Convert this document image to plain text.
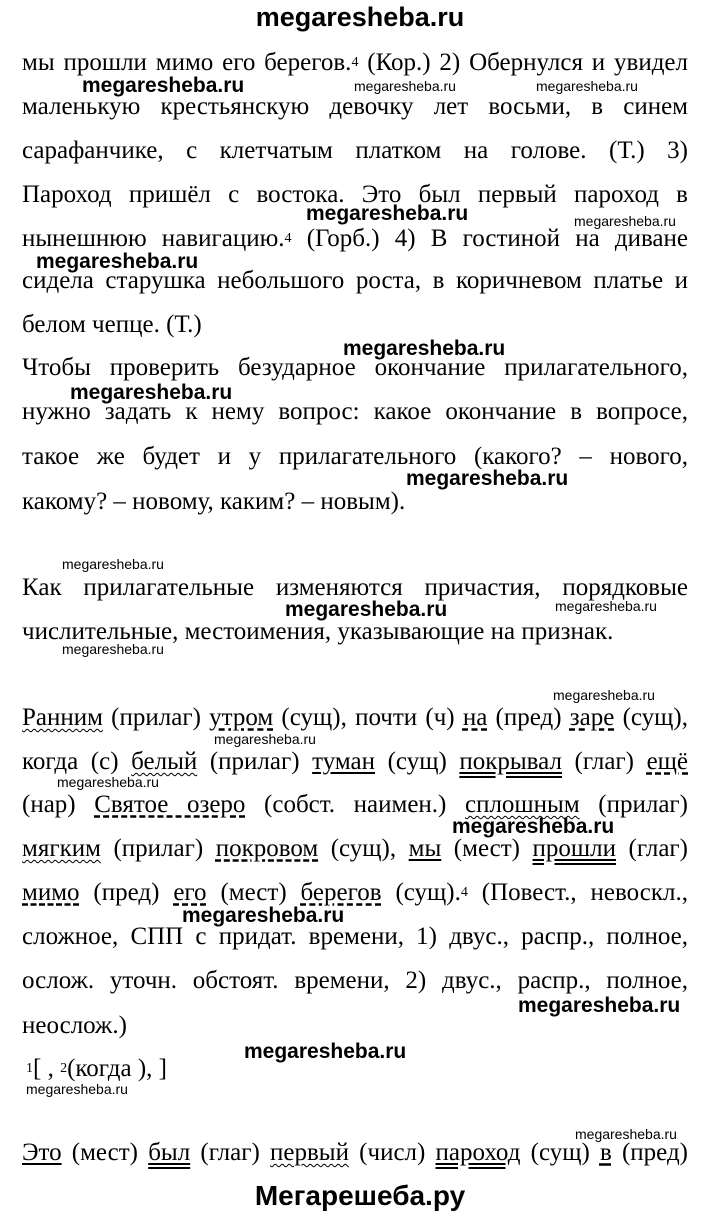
megaresheba.ru
мы прошли мимо его берегов.$^4$ (Кор.) 2) Обернулся и увидел
маленькую крестьянскую девочку лет восьми, в синем
сарафанчике, с клетчатым платком на голове. (Т.) 3)
Пароход пришёл с востока. Это был первый пароход в
нынешнюю навигацию.$^4$ (Горб.) 4) В гостиной на диване
сидела старушка небольшого роста, в коричневом платье и
белом чепце. (Т.)
Чтобы проверить безударное окончание прилагательного,
нужно задать к нему вопрос: какое окончание в вопросе,
такое же будет и у прилагательного (какого? – нового,
какому? – новому, каким? – новым).
Как прилагательные изменяются причастия, порядковые
числительные, местоимения, указывающие на признак.
Ранним (прилаг) утром (сущ), почти (ч) на (пред) заре (сущ),
когда (с) белый (прилаг) туман (сущ) покрывал (глаг) ещё
(нар) Святое озеро (собст. наимен.) сплошным (прилаг)
мягким (прилаг) покровом (сущ), мы (мест) прошли (глаг)
мимо (пред) его (мест) берегов (сущ).$^4$ (Повест., невоскл.,
сложное, СПП с придат. времени, 1) двус., распр., полное,
ослож. уточн. обстоят. времени, 2) двус., распр., полное,
неослож.)
$^1$[ , $^2$(когда ), ]
Это (мест) был (глаг) первый (числ) пароход (сущ) в (пред)
megaresheba.ru	megaresheba.ru	megaresheba.ru
megaresheba.ru	megaresheba.ru
megaresheba.ru
megaresheba.ru
megaresheba.ru
megaresheba.ru
megaresheba.ru
megaresheba.ru	megaresheba.ru
megaresheba.ru
megaresheba.ru
megaresheba.ru
megaresheba.ru
megaresheba.ru
megaresheba.ru
megaresheba.ru
megaresheba.ru
megaresheba.ru
megaresheba.ru
Мегарешеба.ру
